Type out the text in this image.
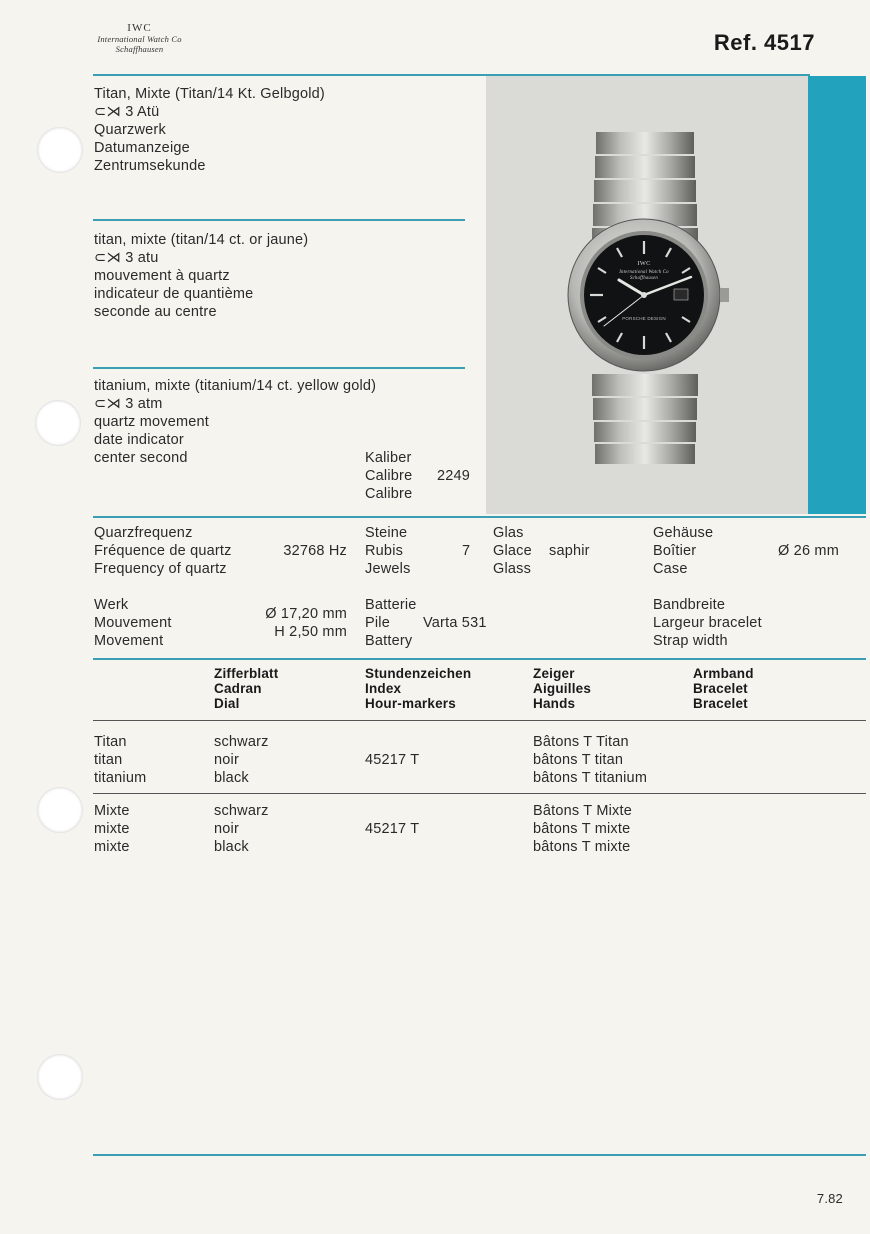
IWC
International Watch Co
Schaffhausen	Ref. 4517
IWC
International Watch Co
Schaffhausen
PORSCHE DESIGN
Titan, Mixte (Titan/14 Kt. Gelbgold)
⊂⋊ 3 Atü
Quarzwerk
Datumanzeige
Zentrumsekunde
titan, mixte (titan/14 ct. or jaune)
⊂⋊ 3 atu
mouvement à quartz
indicateur de quantième
seconde au centre
titanium, mixte (titanium/14 ct. yellow gold)
⊂⋊ 3 atm
quartz movement
date indicator
center second	Kaliber
Calibre
Calibre
2249
Quarzfrequenz
Fréquence de quartz
Frequency of quartz
32768 Hz
Steine
Rubis
Jewels
7
Glas
Glace
Glass
saphir
Gehäuse
Boîtier
Case
Ø 26 mm
Werk
Mouvement
Movement
Ø 17,20 mm
H 2,50 mm
Batterie
Pile
Battery
Varta 531
Bandbreite
Largeur bracelet
Strap width
Zifferblatt
Cadran
Dial
Stundenzeichen
Index
Hour-markers
Zeiger
Aiguilles
Hands
Armband
Bracelet
Bracelet
Titan
titan
titanium
schwarz
noir
black
45217 T
Bâtons T Titan
bâtons T titan
bâtons T titanium
Mixte
mixte
mixte
schwarz
noir
black
45217 T
Bâtons T Mixte
bâtons T mixte
bâtons T mixte
7.82
